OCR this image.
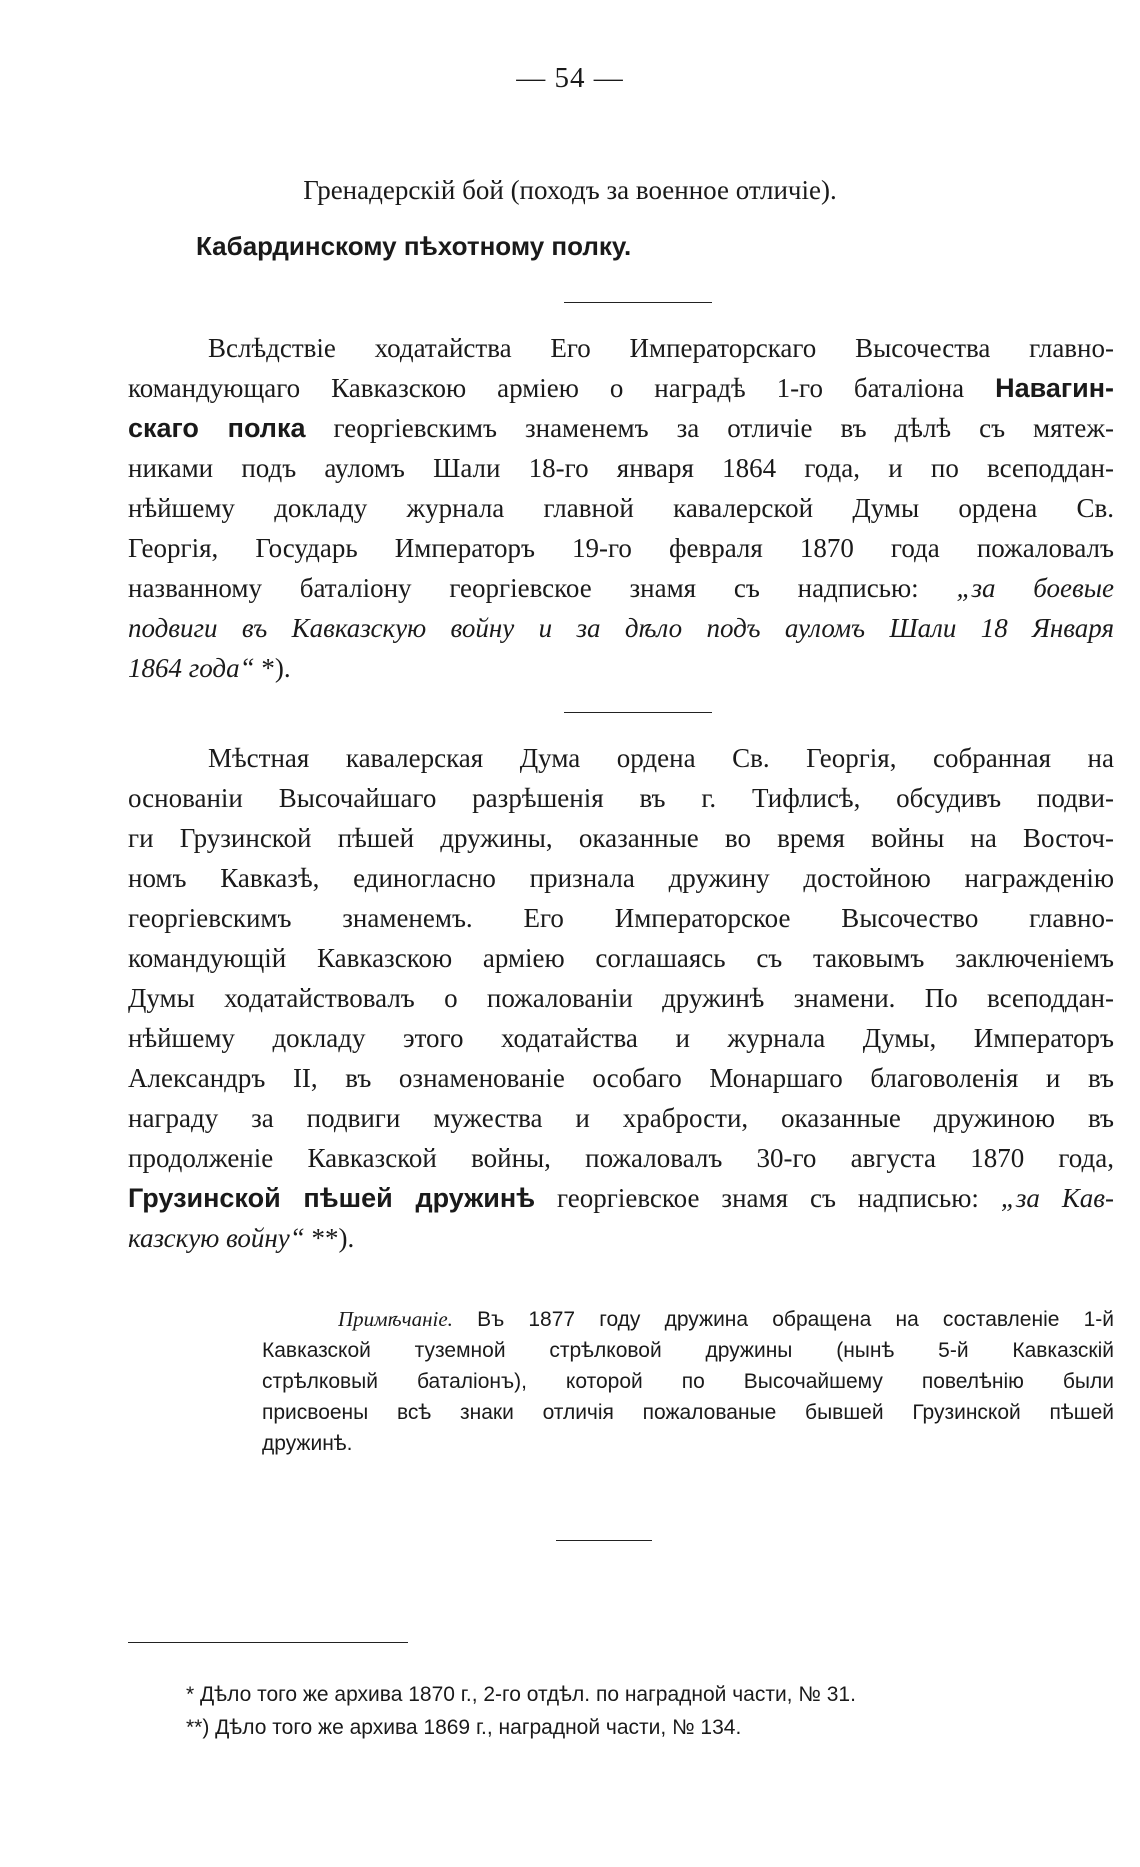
— 54 —
Гренадерскій бой (походъ за военное отличіе).
Кабардинскому пѣхотному полку.

Вслѣдствіе ходатайства Его Императорскаго Высочества главно-

командующаго Кавказскою арміею о наградѣ 1-го баталіона Навагин-

скаго полка георгіевскимъ знаменемъ за отличіе въ дѣлѣ съ мятеж-

никами подъ ауломъ Шали 18-го января 1864 года, и по всеподдан-

нѣйшему докладу журнала главной кавалерской Думы ордена Св.

Георгія, Государь Императоръ 19-го февраля 1870 года пожаловалъ

названному баталіону георгіевское знамя съ надписью: „за боевые

подвиги въ Кавказскую войну и за дѣло подъ ауломъ Шали 18 Января

1864 года“ *).

Мѣстная кавалерская Дума ордена Св. Георгія, собранная на

основаніи Высочайшаго разрѣшенія въ г. Тифлисѣ, обсудивъ подви-

ги Грузинской пѣшей дружины, оказанные во время войны на Восточ-

номъ Кавказѣ, единогласно признала дружину достойною награжденію

георгіевскимъ знаменемъ. Его Императорское Высочество главно-

командующій Кавказскою арміею соглашаясь съ таковымъ заключеніемъ

Думы ходатайствовалъ о пожалованіи дружинѣ знамени. По всеподдан-

нѣйшему докладу этого ходатайства и журнала Думы, Императоръ

Александръ II, въ ознаменованіе особаго Монаршаго благоволенія и въ

награду за подвиги мужества и храбрости, оказанные дружиною въ

продолженіе Кавказской войны, пожаловалъ 30-го августа 1870 года,

Грузинской пѣшей дружинѣ георгіевское знамя съ надписью: „за Кав-

казскую войну“ **).

Примѣчаніе. Въ 1877 году дружина обращена на составленіе 1-й

Кавказской туземной стрѣлковой дружины (нынѣ 5-й Кавказскій

стрѣлковый баталіонъ), которой по Высочайшему повелѣнію были

присвоены всѣ знаки отличія пожалованые бывшей Грузинской пѣшей

дружинѣ.

* Дѣло того же архива 1870 г., 2-го отдѣл. по наградной части, № 31.
**) Дѣло того же архива 1869 г., наградной части, № 134.
